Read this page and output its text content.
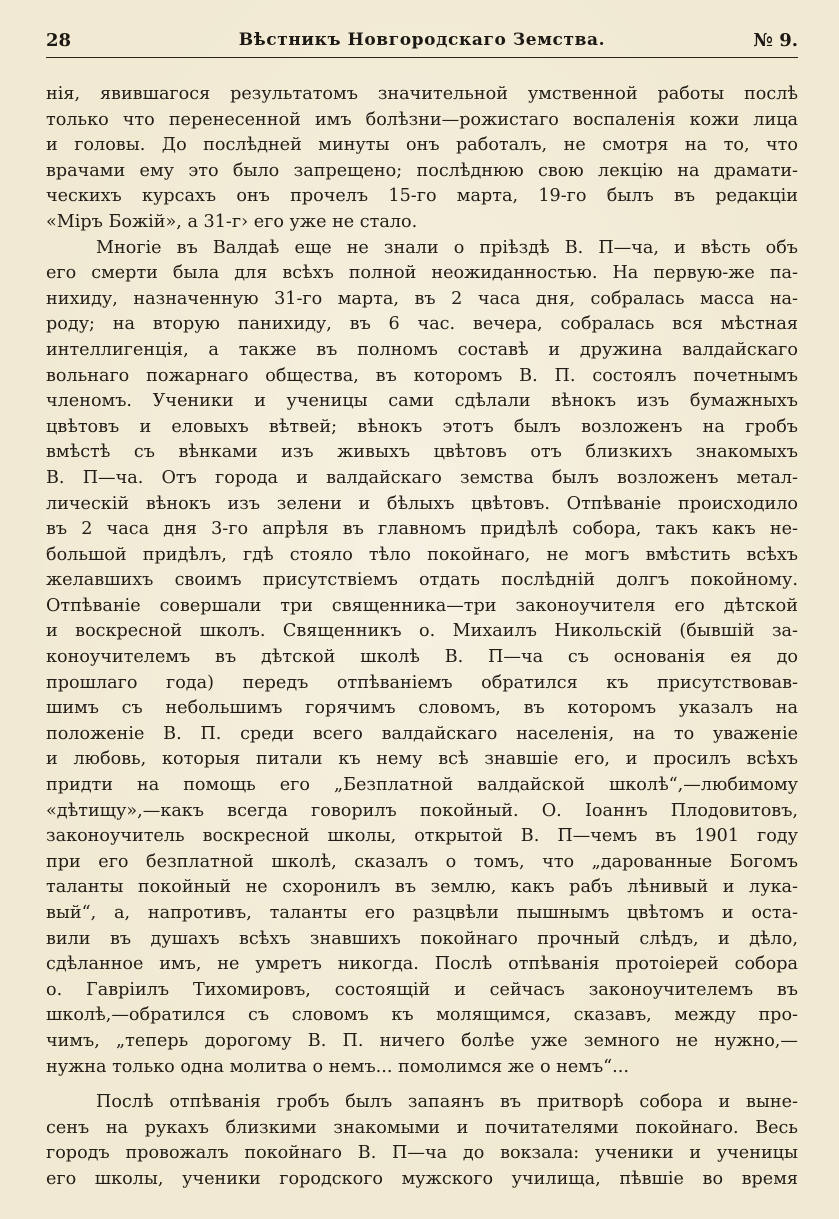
28	Вѣстникъ Новгородскаго Земства.	№ 9.
нія, явившагося результатомъ значительной умственной работы послѣ
только что перенесенной имъ болѣзни—рожистаго воспаленія кожи лица
и головы. До послѣдней минуты онъ работалъ, не смотря на то, что
врачами ему это было запрещено; послѣднюю свою лекцію на драмати-
ческихъ курсахъ онъ прочелъ 15-го марта, 19-го былъ въ редакціи
«Міръ Божій», а 31-г› его уже не стало.
Многіе въ Валдаѣ еще не знали о пріѣздѣ В. П—ча, и вѣсть объ
его смерти была для всѣхъ полной неожиданностью. На первую-же па-
нихиду, назначенную 31-го марта, въ 2 часа дня, собралась масса на-
роду; на вторую панихиду, въ 6 час. вечера, собралась вся мѣстная
интеллигенція, а также въ полномъ составѣ и дружина валдайскаго
вольнаго пожарнаго общества, въ которомъ В. П. состоялъ почетнымъ
членомъ. Ученики и ученицы сами сдѣлали вѣнокъ изъ бумажныхъ
цвѣтовъ и еловыхъ вѣтвей; вѣнокъ этотъ былъ возложенъ на гробъ
вмѣстѣ съ вѣнками изъ живыхъ цвѣтовъ отъ близкихъ знакомыхъ
В. П—ча. Отъ города и валдайскаго земства былъ возложенъ метал-
лическій вѣнокъ изъ зелени и бѣлыхъ цвѣтовъ. Отпѣваніе происходило
въ 2 часа дня 3-го апрѣля въ главномъ придѣлѣ собора, такъ какъ не-
большой придѣлъ, гдѣ стояло тѣло покойнаго, не могъ вмѣстить всѣхъ
желавшихъ своимъ присутствіемъ отдать послѣдній долгъ покойному.
Отпѣваніе совершали три священника—три законоучителя его дѣтской
и воскресной школъ. Священникъ о. Михаилъ Никольскій (бывшій за-
коноучителемъ въ дѣтской школѣ В. П—ча съ основанія ея до
прошлаго года) передъ отпѣваніемъ обратился къ присутствовав-
шимъ съ небольшимъ горячимъ словомъ, въ которомъ указалъ на
положеніе В. П. среди всего валдайскаго населенія, на то уваженіе
и любовь, которыя питали къ нему всѣ знавшіе его, и просилъ всѣхъ
придти на помощь его „Безплатной валдайской школѣ“,—любимому
«дѣтищу»,—какъ всегда говорилъ покойный. О. Іоаннъ Плодовитовъ,
законоучитель воскресной школы, открытой В. П—чемъ въ 1901 году
при его безплатной школѣ, сказалъ о томъ, что „дарованные Богомъ
таланты покойный не схоронилъ въ землю, какъ рабъ лѣнивый и лука-
вый“, а, напротивъ, таланты его разцвѣли пышнымъ цвѣтомъ и оста-
вили въ душахъ всѣхъ знавшихъ покойнаго прочный слѣдъ, и дѣло,
сдѣланное имъ, не умретъ никогда. Послѣ отпѣванія протоіерей собора
о. Гавріилъ Тихомировъ, состоящій и сейчасъ законоучителемъ въ
школѣ,—обратился съ словомъ къ молящимся, сказавъ, между про-
чимъ, „теперь дорогому В. П. ничего болѣе уже земного не нужно,—
нужна только одна молитва о немъ... помолимся же о немъ“...
Послѣ отпѣванія гробъ былъ запаянъ въ притворѣ собора и выне-
сенъ на рукахъ близкими знакомыми и почитателями покойнаго. Весь
городъ провожалъ покойнаго В. П—ча до вокзала: ученики и ученицы
его школы, ученики городского мужского училища, пѣвшіе во время
